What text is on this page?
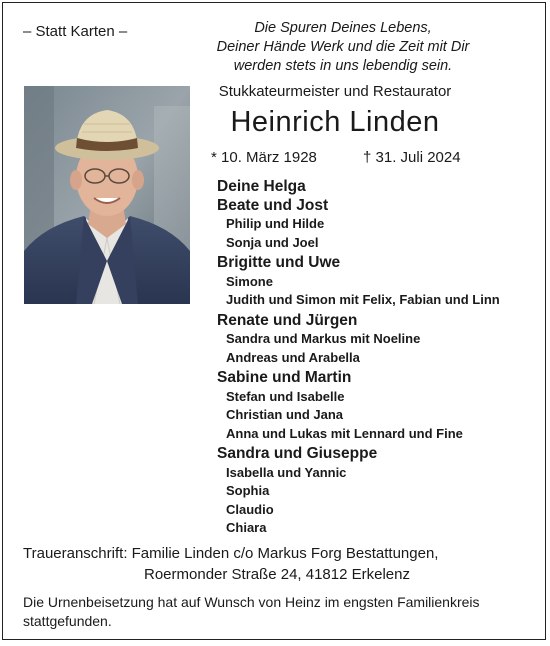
– Statt Karten –	Die Spuren Deines Lebens,
Deiner Hände Werk und die Zeit mit Dir
werden stets in uns lebendig sein.
Stukkateurmeister und Restaurator
Heinrich Linden
* 10. März 1928	† 31. Juli 2024
Deine Helga
Beate und Jost
Philip und Hilde
Sonja und Joel
Brigitte und Uwe
Simone
Judith und Simon mit Felix, Fabian und Linn
Renate und Jürgen
Sandra und Markus mit Noeline
Andreas und Arabella
Sabine und Martin
Stefan und Isabelle
Christian und Jana
Anna und Lukas mit Lennard und Fine
Sandra und Giuseppe
Isabella und Yannic
Sophia
Claudio
Chiara
Traueranschrift: Familie Linden c/o Markus Forg Bestattungen,
Roermonder Straße 24, 41812 Erkelenz
Die Urnenbeisetzung hat auf Wunsch von Heinz im engsten Familienkreis stattgefunden.
